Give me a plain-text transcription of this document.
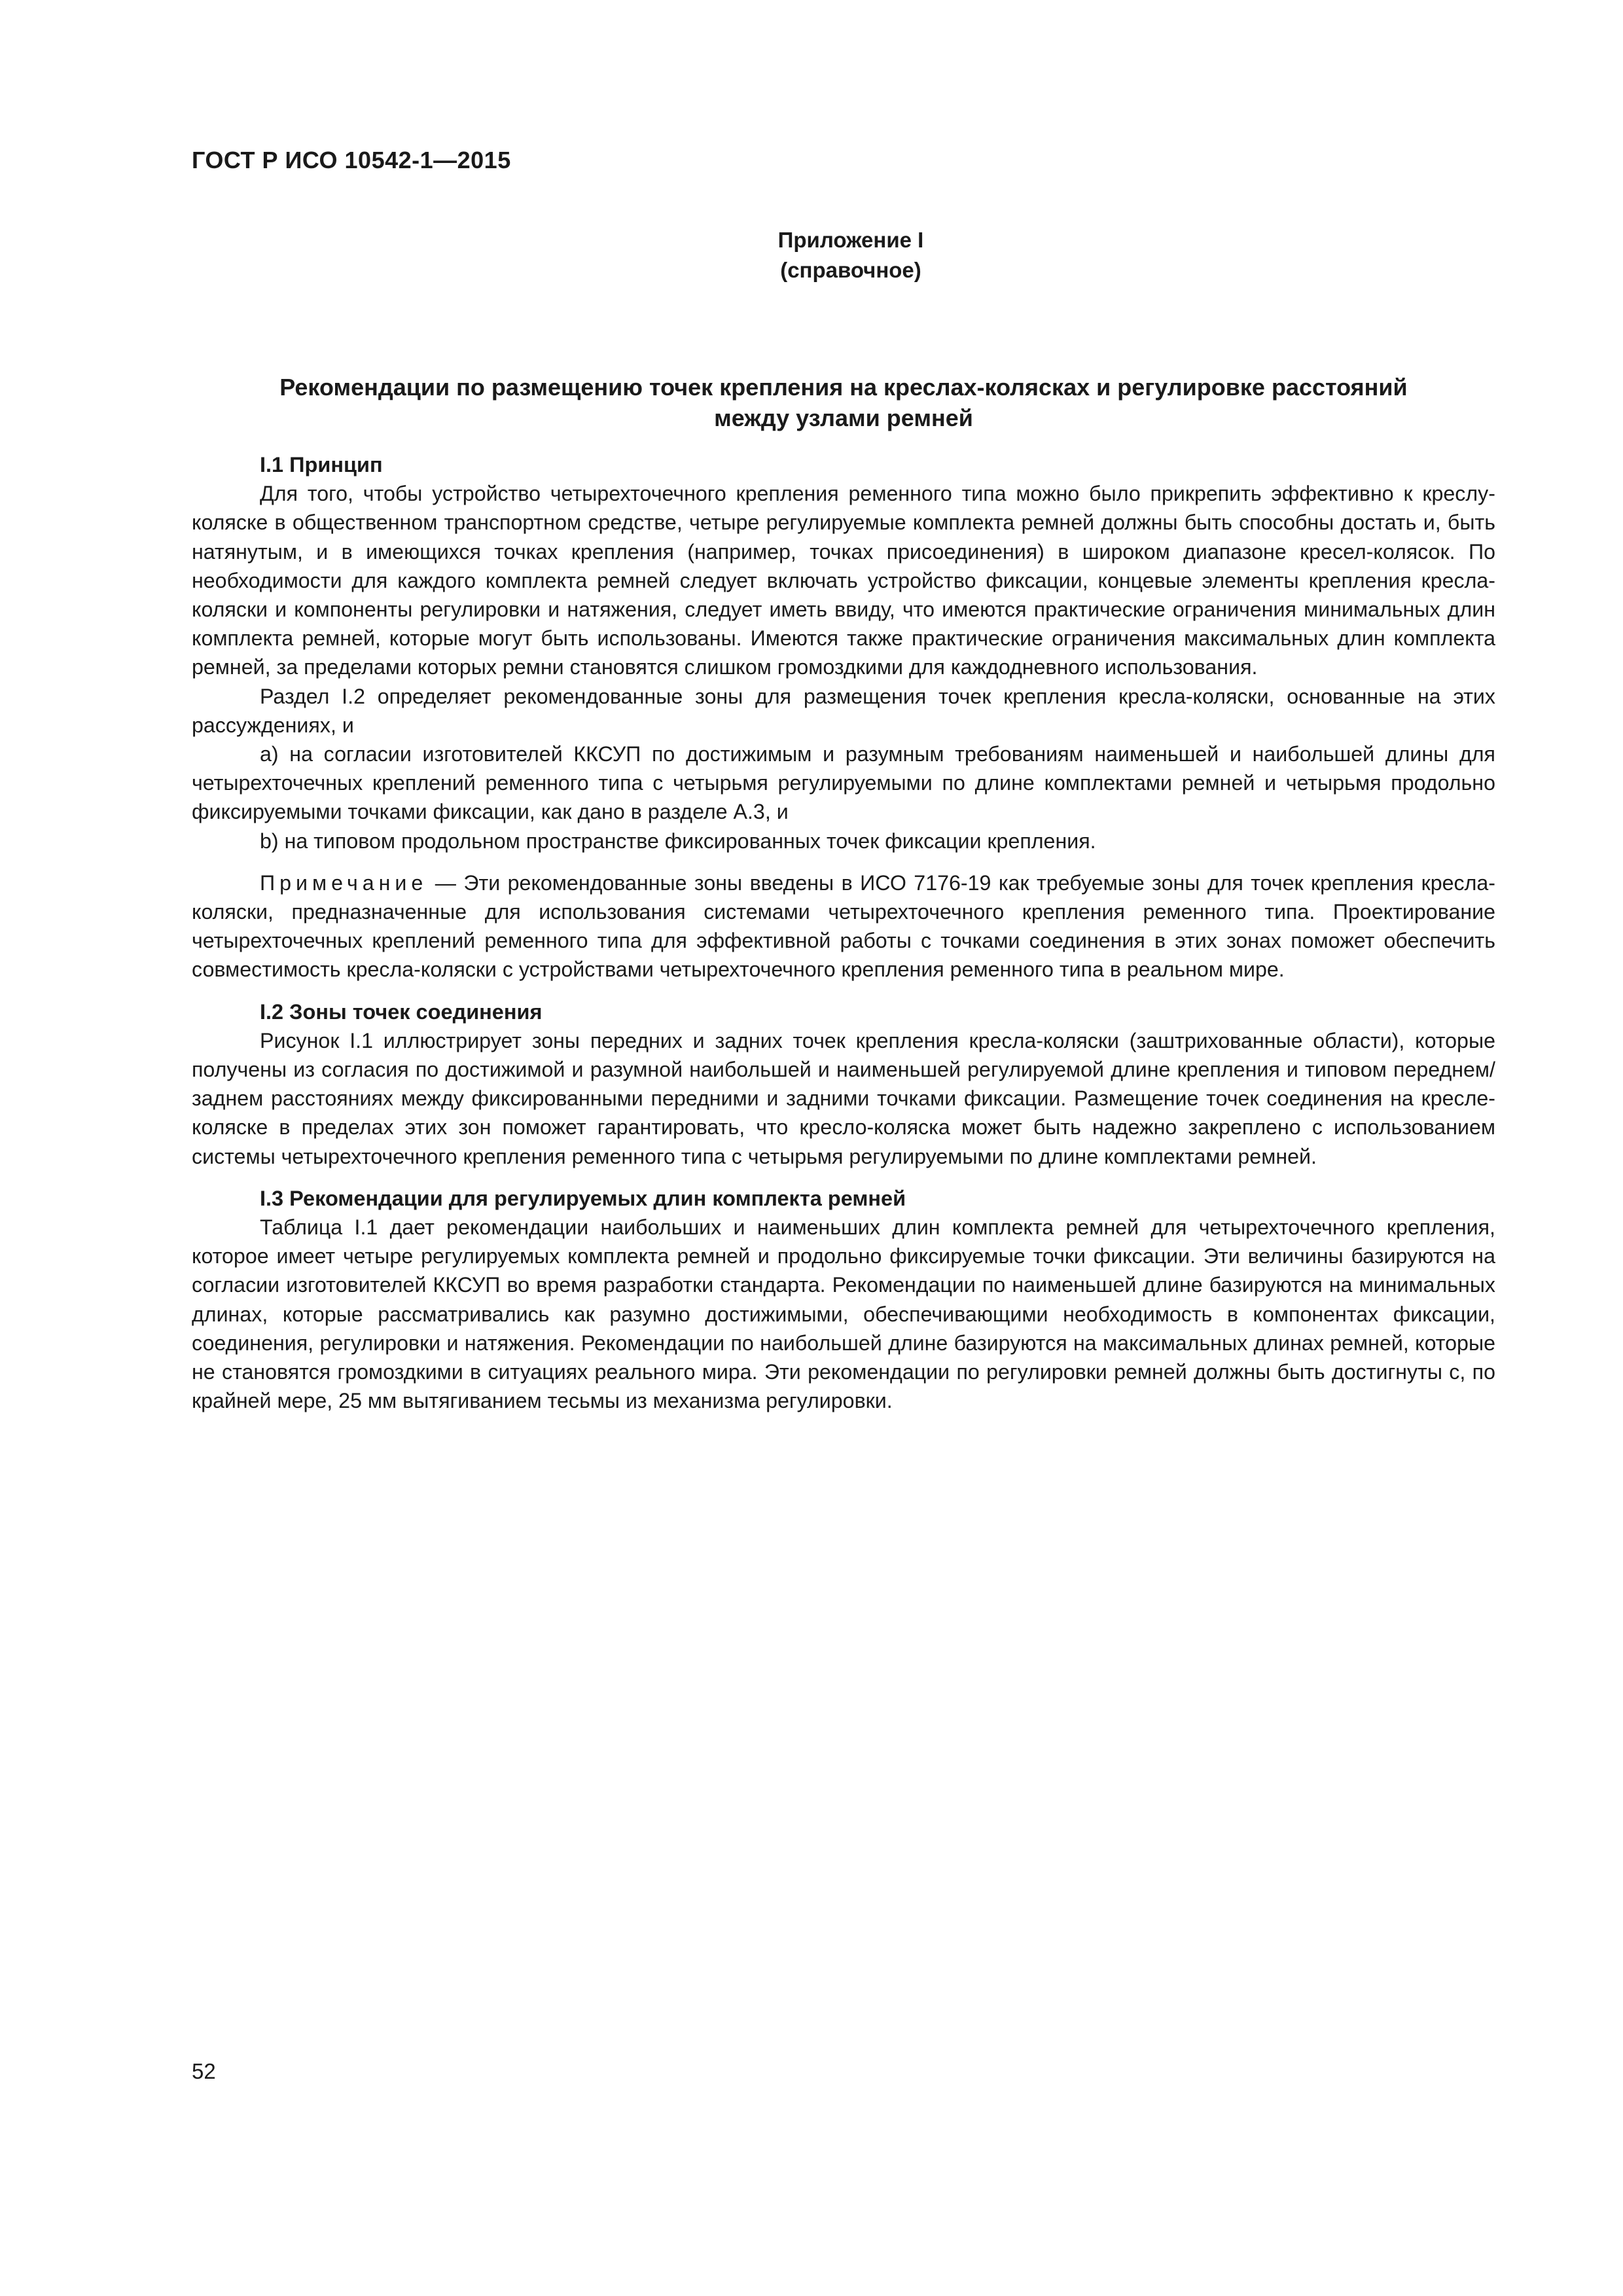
ГОСТ Р ИСО 10542-1—2015
Приложение I
(справочное)
Рекомендации по размещению точек крепления на креслах-колясках и регулировке расстояний
между узлами ремней
I.1 Принцип

Для того, чтобы устройство четырехточечного крепления ременного типа можно было прикрепить эффективно к креслу-коляске в общественном транспортном средстве, четыре регулируемые комплекта ремней должны быть способны достать и, быть натянутым, и в имеющихся точках крепления (например, точках присоединения) в широком диапазоне кресел-колясок. По необходимости для каждого комплекта ремней следует включать устройство фиксации, концевые элементы крепления кресла-коляски и компоненты регулировки и натяжения, следует иметь ввиду, что имеются практические ограничения минимальных длин комплекта ремней, которые могут быть использованы. Имеются также практические ограничения максимальных длин комплекта ремней, за пределами которых ремни становятся слишком громоздкими для каждодневного использования.

Раздел I.2 определяет рекомендованные зоны для размещения точек крепления кресла-коляски, основанные на этих рассуждениях, и

a) на согласии изготовителей ККСУП по достижимым и разумным требованиям наименьшей и наибольшей длины для четырехточечных креплений ременного типа с четырьмя регулируемыми по длине комплектами ремней и четырьмя продольно фиксируемыми точками фиксации, как дано в разделе А.3, и

b) на типовом продольном пространстве фиксированных точек фиксации крепления.

Примечание — Эти рекомендованные зоны введены в ИСО 7176-19 как требуемые зоны для точек крепления кресла-коляски, предназначенные для использования системами четырехточечного крепления ременного типа. Проектирование четырехточечных креплений ременного типа для эффективной работы с точками соединения в этих зонах поможет обеспечить совместимость кресла-коляски с устройствами четырехточечного крепления ременного типа в реальном мире.

I.2 Зоны точек соединения

Рисунок I.1 иллюстрирует зоны передних и задних точек крепления кресла-коляски (заштрихованные области), которые получены из согласия по достижимой и разумной наибольшей и наименьшей регулируемой длине крепления и типовом переднем/заднем расстояниях между фиксированными передними и задними точками фиксации. Размещение точек соединения на кресле-коляске в пределах этих зон поможет гарантировать, что кресло-коляска может быть надежно закреплено с использованием системы четырехточечного крепления ременного типа с четырьмя регулируемыми по длине комплектами ремней.

I.3 Рекомендации для регулируемых длин комплекта ремней

Таблица I.1 дает рекомендации наибольших и наименьших длин комплекта ремней для четырехточечного крепления, которое имеет четыре регулируемых комплекта ремней и продольно фиксируемые точки фиксации. Эти величины базируются на согласии изготовителей ККСУП во время разработки стандарта. Рекомендации по наименьшей длине базируются на минимальных длинах, которые рассматривались как разумно достижимыми, обеспечивающими необходимость в компонентах фиксации, соединения, регулировки и натяжения. Рекомендации по наибольшей длине базируются на максимальных длинах ремней, которые не становятся громоздкими в ситуациях реального мира. Эти рекомендации по регулировки ремней должны быть достигнуты с, по крайней мере, 25 мм вытягиванием тесьмы из механизма регулировки.

52
